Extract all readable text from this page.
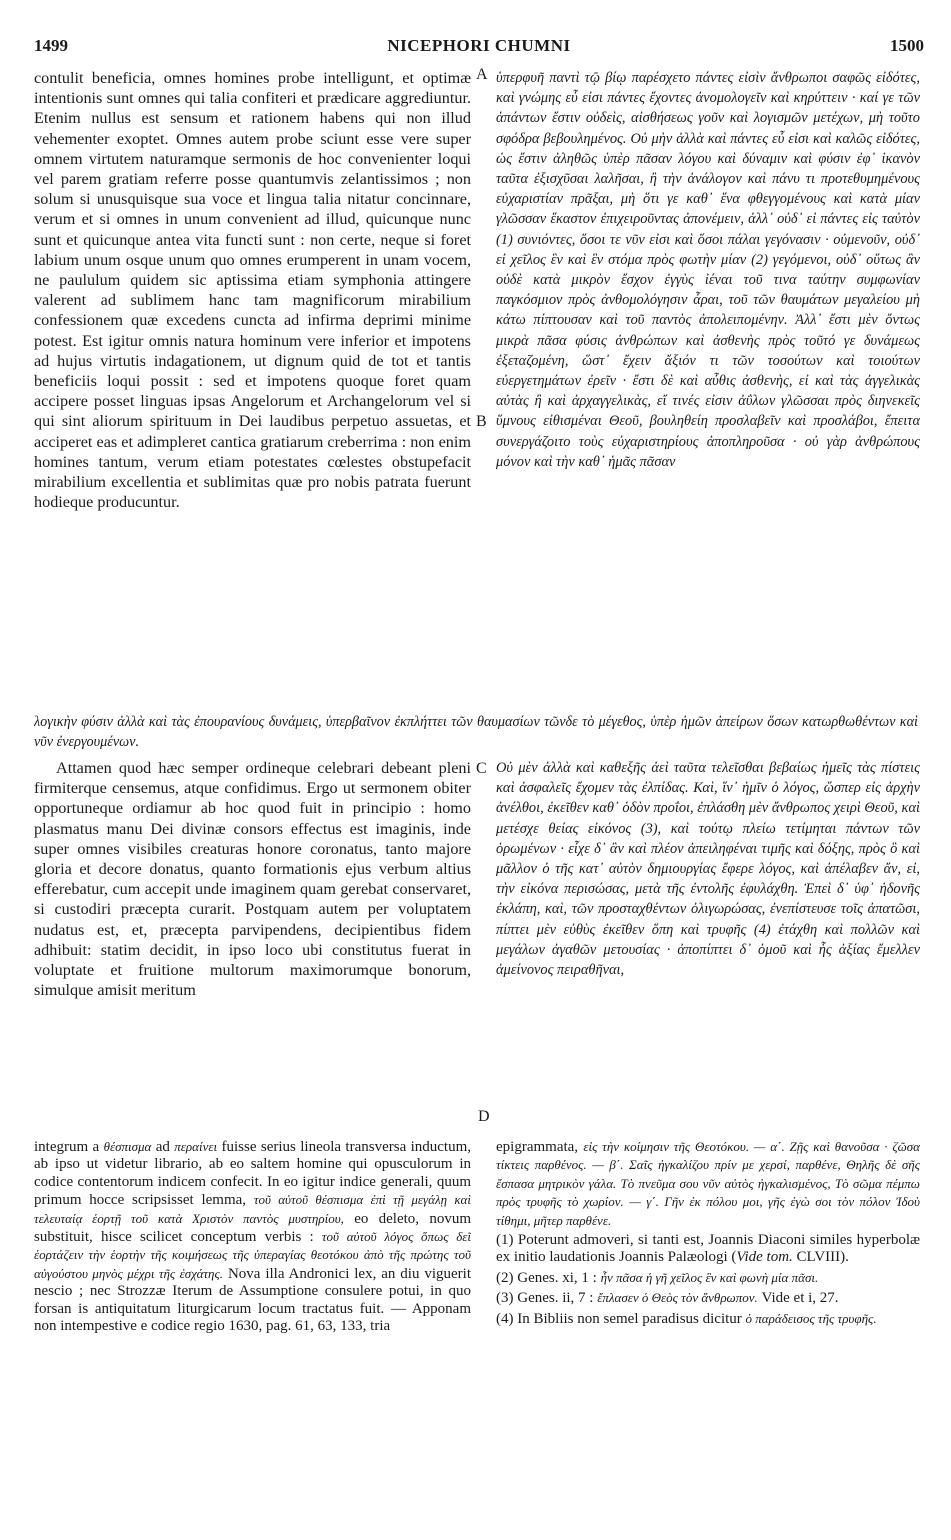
1499	NICEPHORI CHUMNI	1500

contulit beneficia, omnes homines probe intelligunt, et optimæ intentionis sunt omnes qui talia confiteri et prædicare aggrediuntur. Etenim nullus est sensum et rationem habens qui non illud vehementer exoptet. Omnes autem probe sciunt esse vere super omnem virtutem naturamque sermonis de hoc convenienter loqui vel parem gratiam referre posse quantumvis zelantissimos ; non solum si unusquisque sua voce et lingua talia nitatur concinnare, verum et si omnes in unum convenient ad illud, quicunque nunc sunt et quicunque antea vita functi sunt : non certe, neque si foret labium unum osque unum quo omnes erumperent in unam vocem, ne paululum quidem sic aptissima etiam symphonia attingere valerent ad sublimem hanc tam magnificorum mirabilium confessionem quæ excedens cuncta ad infirma deprimi minime potest. Est igitur omnis natura hominum vere inferior et impotens ad hujus virtutis indagationem, ut dignum quid de tot et tantis beneficiis loqui possit : sed et impotens quoque foret quam accipere posset linguas ipsas Angelorum et Archangelorum vel si qui sint aliorum spirituum in Dei laudibus perpetuo assuetas, et acciperet eas et adimpleret cantica gratiarum creberrima : non enim homines tantum, verum etiam potestates cœlestes obstupefacit mirabilium excellentia et sublimitas quæ pro nobis patrata fuerunt hodieque producuntur.

ὑπερφυῆ παντὶ τῷ βίῳ παρέσχετο πάντες εἰσὶν ἄνθρωποι σαφῶς εἰδότες, καὶ γνώμης εὖ εἰσι πάντες ἔχοντες ἀνομολογεῖν καὶ κηρύττειν · καί γε τῶν ἁπάντων ἔστιν οὐδεὶς, αἰσθήσεως γοῦν καὶ λογισμῶν μετέχων, μὴ τοῦτο σφόδρα βεβουλημένος. Οὐ μὴν ἀλλὰ καὶ πάντες εὖ εἰσι καὶ καλῶς εἰδότες, ὡς ἔστιν ἀληθῶς ὑπὲρ πᾶσαν λόγου καὶ δύναμιν καὶ φύσιν ἐφ᾽ ἱκανὸν ταῦτα ἐξισχῦσαι λαλῆσαι, ἢ τὴν ἀνάλογον καὶ πάνυ τι προτεθυμημένους εὐχαριστίαν πρᾶξαι, μὴ ὅτι γε καθ᾽ ἕνα φθεγγομένους καὶ κατὰ μίαν γλῶσσαν ἕκαστον ἐπιχειροῦντας ἀπονέμειν, ἀλλ᾽ οὐδ᾽ εἰ πάντες εἰς ταὐτὸν (1) συνιόντες, ὅσοι τε νῦν εἰσι καὶ ὅσοι πάλαι γεγόνασιν · οὐμενοῦν, οὐδ᾽ εἰ χεῖλος ἓν καὶ ἓν στόμα πρὸς φωτὴν μίαν (2) γεγόμενοι, οὐδ᾽ οὕτως ἂν οὐδὲ κατὰ μικρὸν ἔσχον ἐγγὺς ἰέναι τοῦ τινα ταύτην συμφωνίαν παγκόσμιον πρὸς ἀνθομολόγησιν ἆραι, τοῦ τῶν θαυμάτων μεγαλείου μὴ κάτω πίπτουσαν καὶ τοῦ παντὸς ἀπολειπομένην. Ἀλλ᾽ ἔστι μὲν ὄντως μικρὰ πᾶσα φύσις ἀνθρώπων καὶ ἀσθενὴς πρὸς τοῦτό γε δυνάμεως ἐξεταζομένη, ὥστ᾽ ἔχειν ἄξιόν τι τῶν τοσούτων καὶ τοιούτων εὐεργετημάτων ἐρεῖν · ἔστι δὲ καὶ αὖθις ἀσθενὴς, εἰ καὶ τὰς ἀγγελικὰς αὐτὰς ἢ καὶ ἀρχαγγελικὰς, εἴ τινές εἰσιν ἀΰλων γλῶσσαι πρὸς διηνεκεῖς ὕμνους εἰθισμέναι Θεοῦ, βουληθείη προσλαβεῖν καὶ προσλάβοι, ἔπειτα συνεργάζοιτο τοὺς εὐχαριστηρίους ἀποπληροῦσα · οὐ γὰρ ἀνθρώπους μόνον καὶ τὴν καθ᾽ ἡμᾶς πᾶσαν

A
B
λογικὴν φύσιν ἀλλὰ καὶ τὰς ἐπουρανίους δυνάμεις, ὑπερβαῖνον ἐκπλήττει τῶν θαυμασίων τῶνδε τὸ μέγεθος, ὑπὲρ ἡμῶν ἀπείρων ὅσων κατωρθωθέντων καὶ νῦν ἐνεργουμένων.

Attamen quod hæc semper ordineque celebrari debeant pleni firmiterque censemus, atque confidimus. Ergo ut sermonem obiter opportuneque ordiamur ab hoc quod fuit in principio : homo plasmatus manu Dei divinæ consors effectus est imaginis, inde super omnes visibiles creaturas honore coronatus, tanto majore gloria et decore donatus, quanto formationis ejus verbum altius efferebatur, cum accepit unde imaginem quam gerebat conservaret, si custodiri præcepta curarit. Postquam autem per voluptatem nudatus est, et, præcepta parvipendens, decipientibus fidem adhibuit: statim decidit, in ipso loco ubi constitutus fuerat in voluptate et fruitione multorum maximorumque bonorum, simulque amisit meritum

Οὐ μὲν ἀλλὰ καὶ καθεξῆς ἀεὶ ταῦτα τελεῖσθαι βεβαίως ἡμεῖς τὰς πίστεις καὶ ἀσφαλεῖς ἔχομεν τὰς ἐλπίδας. Καὶ, ἵν᾽ ἡμῖν ὁ λόγος, ὥσπερ εἰς ἀρχὴν ἀνέλθοι, ἐκεῖθεν καθ᾽ ὁδὸν προΐοι, ἐπλάσθη μὲν ἄνθρωπος χειρὶ Θεοῦ, καὶ μετέσχε θείας εἰκόνος (3), καὶ τούτῳ πλείω τετίμηται πάντων τῶν ὁρωμένων · εἶχε δ᾽ ἂν καὶ πλέον ἀπειληφέναι τιμῆς καὶ δόξης, πρὸς ὃ καὶ μᾶλλον ὁ τῆς κατ᾽ αὐτὸν δημιουργίας ἔφερε λόγος, καὶ ἀπέλαβεν ἄν, εἰ, τὴν εἰκόνα περισώσας, μετὰ τῆς ἐντολῆς ἐφυλάχθη. Ἐπεὶ δ᾽ ὑφ᾽ ἡδονῆς ἐκλάπη, καὶ, τῶν προσταχθέντων ὀλιγωρώσας, ἐνεπίστευσε τοῖς ἀπατῶσι, πίπτει μὲν εὐθὺς ἐκεῖθεν ὅπη καὶ τρυφῆς (4) ἐτάχθη καὶ πολλῶν καὶ μεγάλων ἀγαθῶν μετουσίας · ἀποπίπτει δ᾽ ὁμοῦ καὶ ἧς ἀξίας ἔμελλεν ἀμείνονος πειραθῆναι,

C
D

integrum a θέσπισμα ad περαίνει fuisse serius lineola transversa inductum, ab ipso ut videtur librario, ab eo saltem homine qui opusculorum in codice contentorum indicem confecit. In eo igitur indice generali, quum primum hocce scripsisset lemma, τοῦ αὐτοῦ θέσπισμα ἐπὶ τῇ μεγάλῃ καὶ τελευταίᾳ ἑορτῇ τοῦ κατὰ Χριστὸν παντὸς μυστηρίου, eo deleto, novum substituit, hisce scilicet conceptum verbis : τοῦ αὐτοῦ λόγος ὅπως δεῖ ἑορτάζειν τὴν ἑορτὴν τῆς κοιμήσεως τῆς ὑπεραγίας θεοτόκου ἀπὸ τῆς πρώτης τοῦ αὐγούστου μηνὸς μέχρι τῆς ἐσχάτης. Nova illa Andronici lex, an diu viguerit nescio ; nec Strozzæ Iterum de Assumptione consulere potui, in quo forsan is antiquitatum liturgicarum locum tractatus fuit. — Apponam non intempestive e codice regio 1630, pag. 61, 63, 133, tria

epigrammata, εἰς τὴν κοίμησιν τῆς Θεοτόκου. — α΄. Ζῇς καὶ θανοῦσα · ζῶσα τίκτεις παρθένος. — β΄. Σαῖς ἠγκαλίζου πρίν με χερσί, παρθένε, Θηλῆς δὲ σῆς ἔσπασα μητρικὸν γάλα. Τὸ πνεῦμα σου νῦν αὐτὸς ἠγκαλισμένος, Τὸ σῶμα πέμπω πρὸς τρυφῆς τὸ χωρίον. — γ΄. Γῆν ἐκ πόλου μοι, γῆς ἐγὼ σοι τὸν πόλον Ἰδοὺ τίθημι, μῆτερ παρθένε.

(1) Poterunt admoveri, si tanti est, Joannis Diaconi similes hyperbolæ ex initio laudationis Joannis Palæologi (Vide tom. CLVIII).

(2) Genes. xi, 1 : ἦν πᾶσα ἡ γῆ χεῖλος ἓν καὶ φωνὴ μία πᾶσι.

(3) Genes. ii, 7 : ἔπλασεν ὁ Θεὸς τὸν ἄνθρωπον. Vide et i, 27.

(4) In Bibliis non semel paradisus dicitur ὁ παράδεισος τῆς τρυφῆς.
